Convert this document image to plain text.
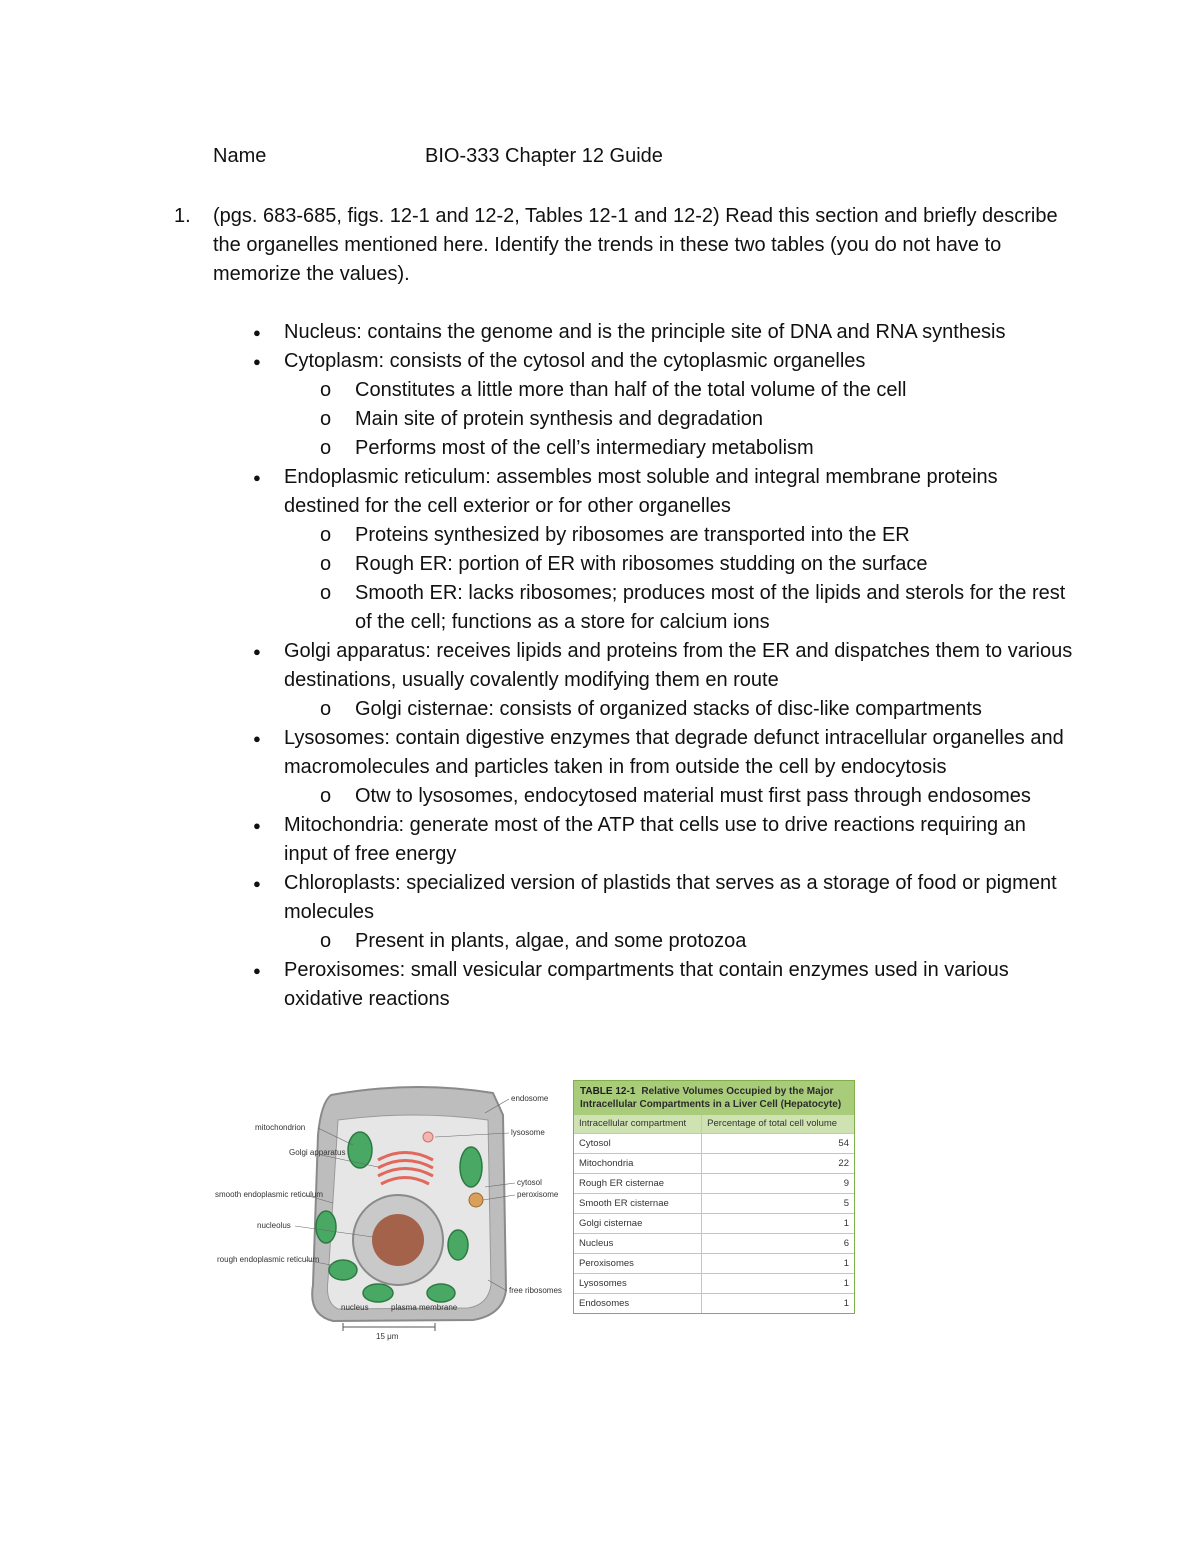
Name	BIO-333 Chapter 12 Guide
1. (pgs. 683-685, figs. 12-1 and 12-2, Tables 12-1 and 12-2) Read this section and briefly describe the organelles mentioned here. Identify the trends in these two tables (you do not have to memorize the values).
● Nucleus: contains the genome and is the principle site of DNA and RNA synthesis
● Cytoplasm: consists of the cytosol and the cytoplasmic organelles
o Constitutes a little more than half of the total volume of the cell
o Main site of protein synthesis and degradation
o Performs most of the cell’s intermediary metabolism
● Endoplasmic reticulum: assembles most soluble and integral membrane proteins destined for the cell exterior or for other organelles
o Proteins synthesized by ribosomes are transported into the ER
o Rough ER: portion of ER with ribosomes studding on the surface
o Smooth ER: lacks ribosomes; produces most of the lipids and sterols for the rest of the cell; functions as a store for calcium ions
● Golgi apparatus: receives lipids and proteins from the ER and dispatches them to various destinations, usually covalently modifying them en route
o Golgi cisternae: consists of organized stacks of disc-like compartments
● Lysosomes: contain digestive enzymes that degrade defunct intracellular organelles and macromolecules and particles taken in from outside the cell by endocytosis
o Otw to lysosomes, endocytosed material must first pass through endosomes
● Mitochondria: generate most of the ATP that cells use to drive reactions requiring an input of free energy
● Chloroplasts: specialized version of plastids that serves as a storage of food or pigment molecules
o Present in plants, algae, and some protozoa
● Peroxisomes: small vesicular compartments that contain enzymes used in various oxidative reactions
mitochondrion
Golgi apparatus
smooth endoplasmic reticulum
nucleolus
rough endoplasmic reticulum
nucleus	plasma membrane
endosome
lysosome
cytosol
peroxisome
free ribosomes
15 μm
TABLE 12-1 Relative Volumes Occupied by the Major Intracellular Compartments in a Liver Cell (Hepatocyte)
Intracellular compartment	Percentage of total cell volume
Cytosol	54
Mitochondria	22
Rough ER cisternae	9
Smooth ER cisternae	5
Golgi cisternae	1
Nucleus	6
Peroxisomes	1
Lysosomes	1
Endosomes	1
